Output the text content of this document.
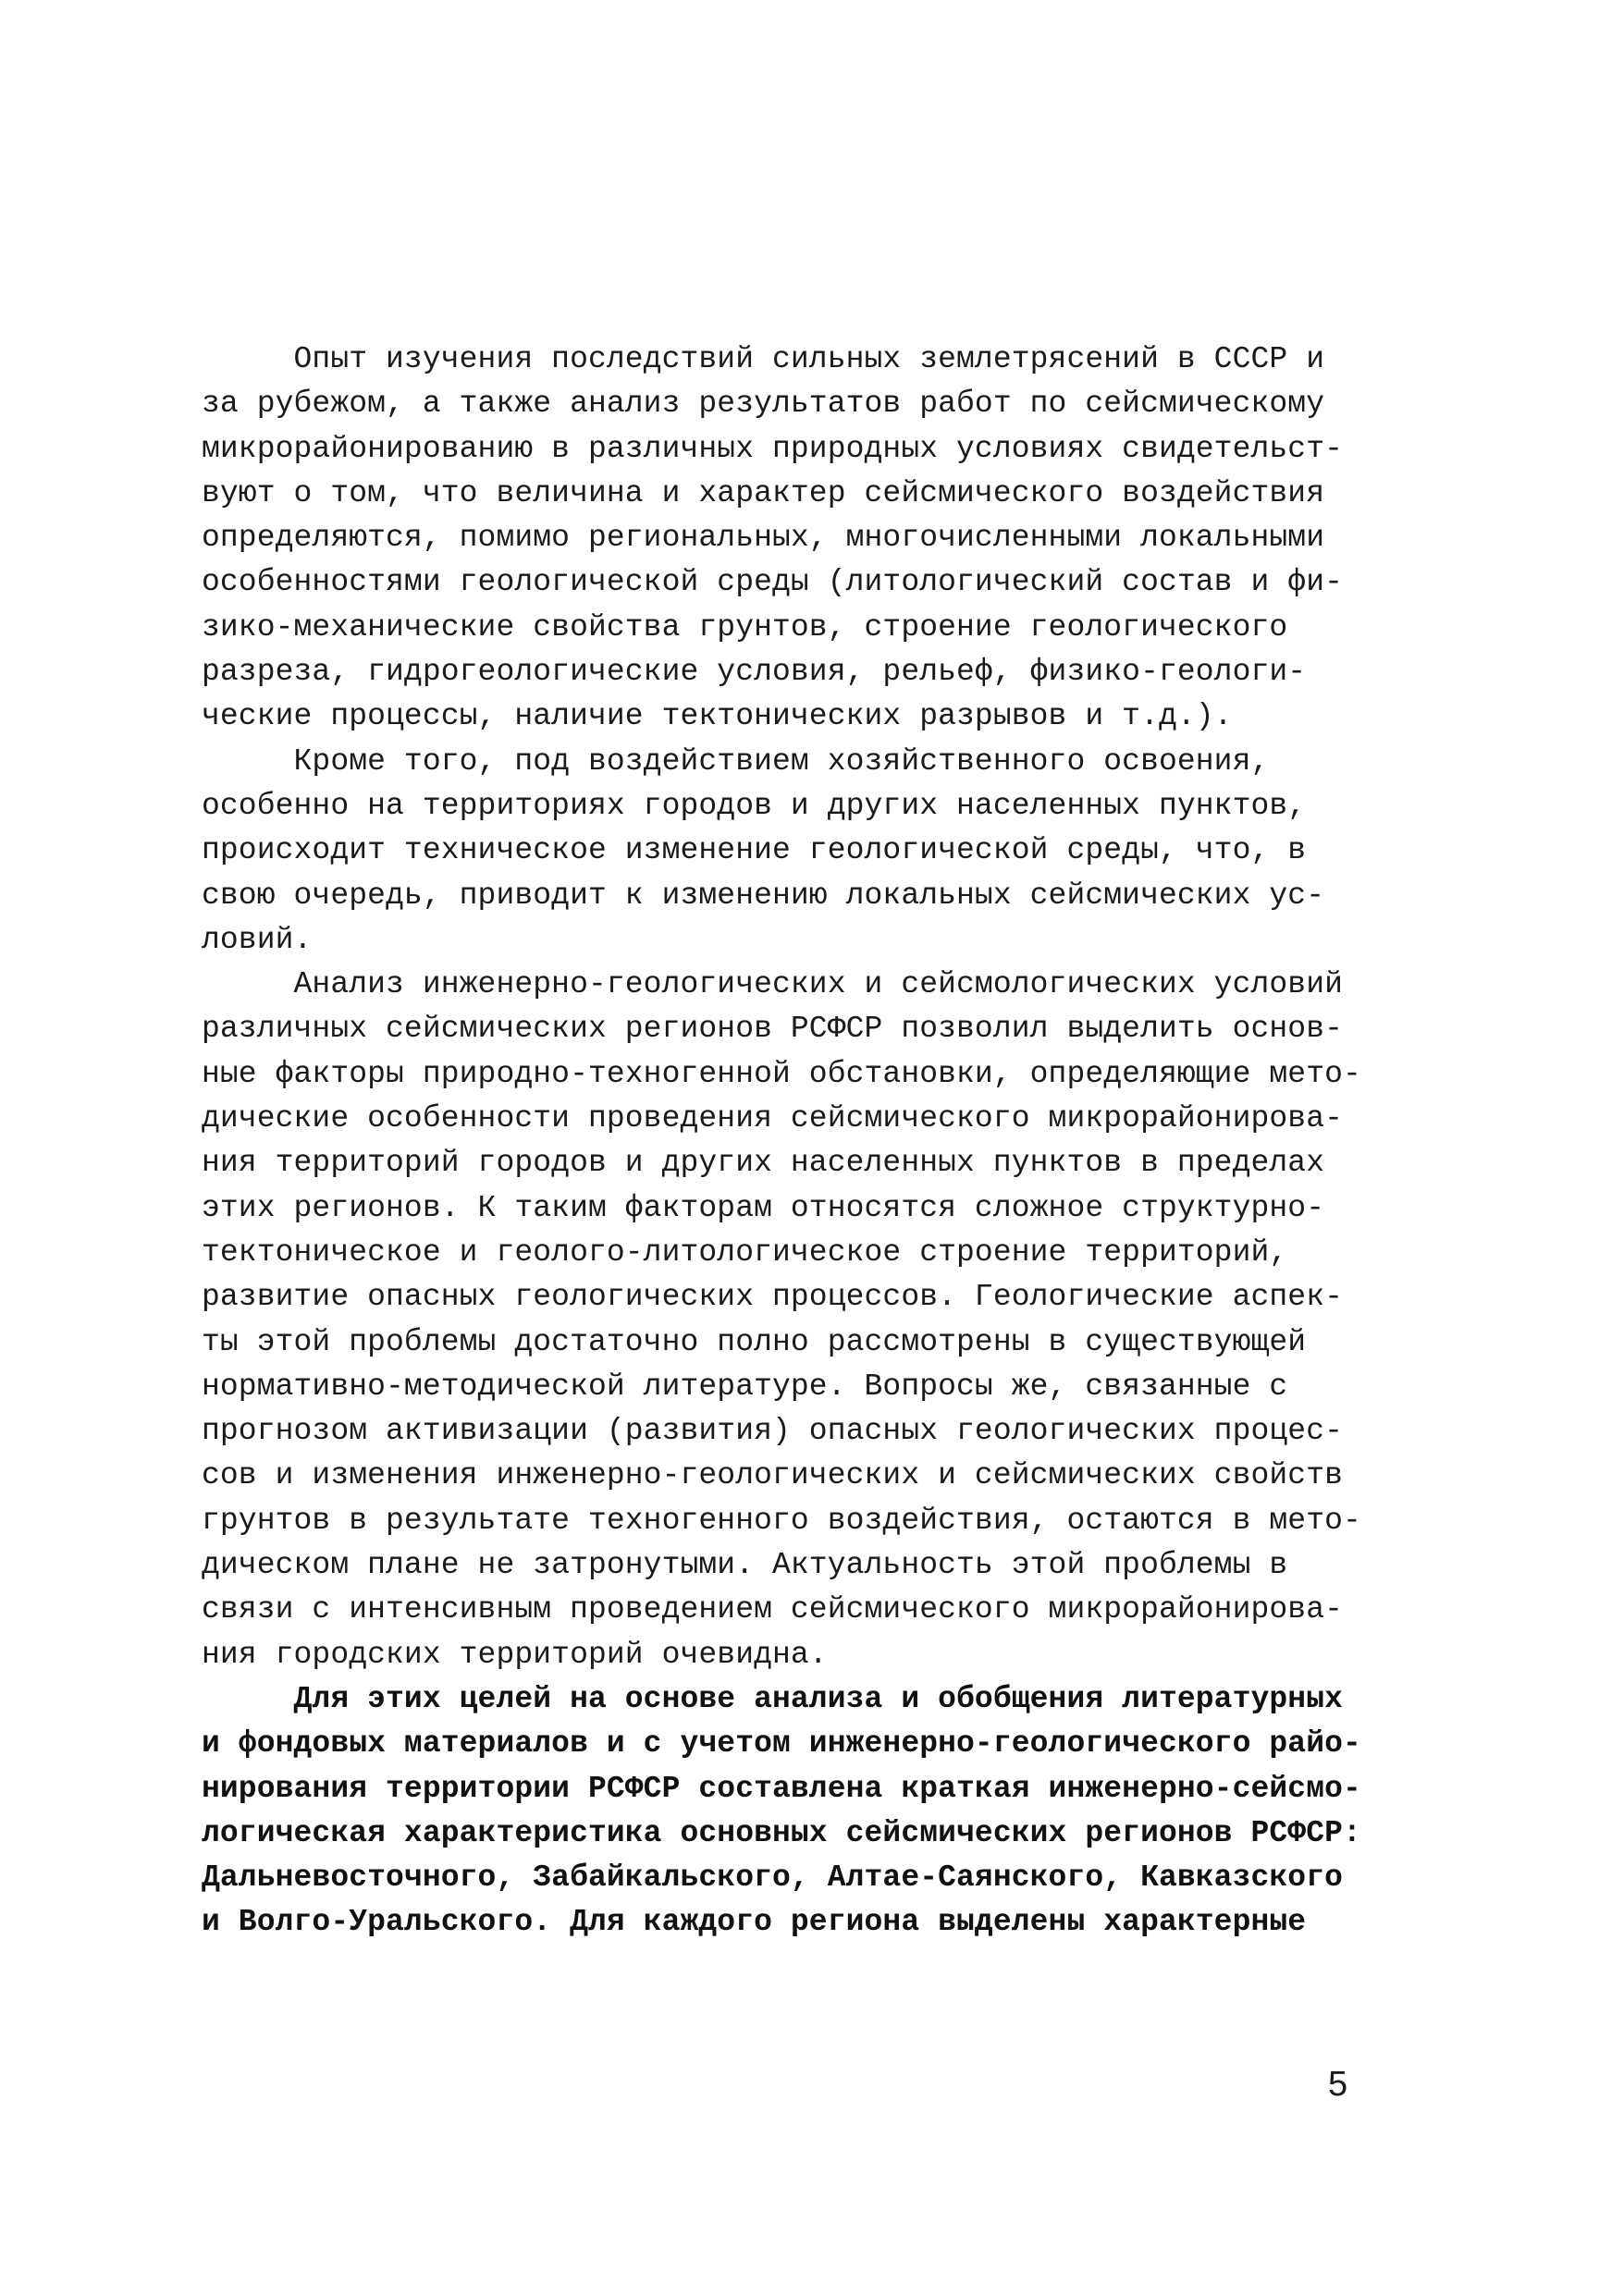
Опыт изучения последствий сильных землетрясений в СССР и
за рубежом, а также анализ результатов работ по сейсмическому
микрорайонированию в различных природных условиях свидетельст-
вуют о том, что величина и характер сейсмического воздействия
определяются, помимо региональных, многочисленными локальными
особенностями геологической среды (литологический состав и фи-
зико-механические свойства грунтов, строение геологического
разреза, гидрогеологические условия, рельеф, физико-геологи-
ческие процессы, наличие тектонических разрывов и т.д.).
Кроме того, под воздействием хозяйственного освоения,
особенно на территориях городов и других населенных пунктов,
происходит техническое изменение геологической среды, что, в
свою очередь, приводит к изменению локальных сейсмических ус-
ловий.
Анализ инженерно-геологических и сейсмологических условий
различных сейсмических регионов РСФСР позволил выделить основ-
ные факторы природно-техногенной обстановки, определяющие мето-
дические особенности проведения сейсмического микрорайонирова-
ния территорий городов и других населенных пунктов в пределах
этих регионов. К таким факторам относятся сложное структурно-
тектоническое и геолого-литологическое строение территорий,
развитие опасных геологических процессов. Геологические аспек-
ты этой проблемы достаточно полно рассмотрены в существующей
нормативно-методической литературе. Вопросы же, связанные с
прогнозом активизации (развития) опасных геологических процес-
сов и изменения инженерно-геологических и сейсмических свойств
грунтов в результате техногенного воздействия, остаются в мето-
дическом плане не затронутыми. Актуальность этой проблемы в
связи с интенсивным проведением сейсмического микрорайонирова-
ния городских территорий очевидна.
Для этих целей на основе анализа и обобщения литературных
и фондовых материалов и с учетом инженерно-геологического райо-
нирования территории РСФСР составлена краткая инженерно-сейсмо-
логическая характеристика основных сейсмических регионов РСФСР:
Дальневосточного, Забайкальского, Алтае-Саянского, Кавказского
и Волго-Уральского. Для каждого региона выделены характерные
5
